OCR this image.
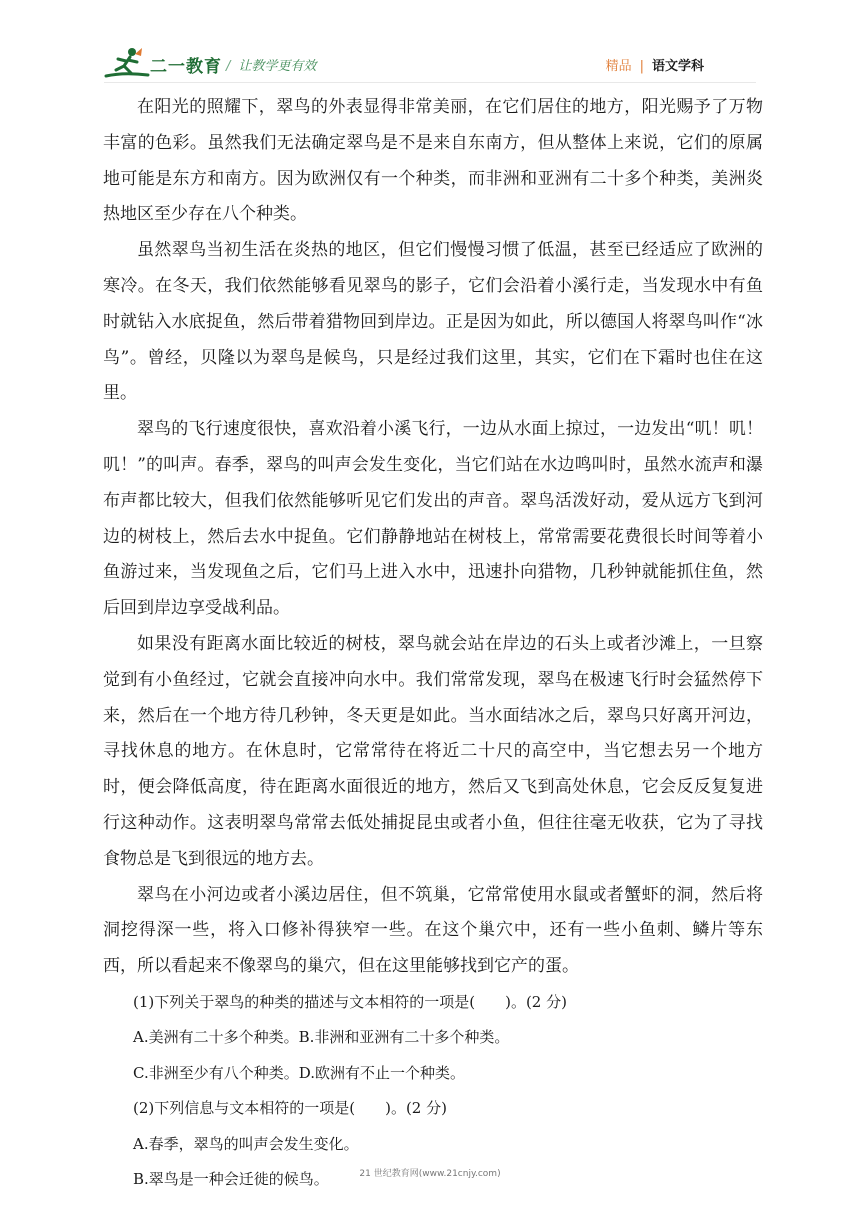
二一教育 / 让教学更有效	精品 | 语文学科

在阳光的照耀下，翠鸟的外表显得非常美丽，在它们居住的地方，阳光赐予了万物丰富的色彩。虽然我们无法确定翠鸟是不是来自东南方，但从整体上来说，它们的原属地可能是东方和南方。因为欧洲仅有一个种类，而非洲和亚洲有二十多个种类，美洲炎热地区至少存在八个种类。

虽然翠鸟当初生活在炎热的地区，但它们慢慢习惯了低温，甚至已经适应了欧洲的寒冷。在冬天，我们依然能够看见翠鸟的影子，它们会沿着小溪行走，当发现水中有鱼时就钻入水底捉鱼，然后带着猎物回到岸边。正是因为如此，所以德国人将翠鸟叫作“冰鸟”。曾经，贝隆以为翠鸟是候鸟，只是经过我们这里，其实，它们在下霜时也住在这里。

翠鸟的飞行速度很快，喜欢沿着小溪飞行，一边从水面上掠过，一边发出“叽！叽！叽！”的叫声。春季，翠鸟的叫声会发生变化，当它们站在水边鸣叫时，虽然水流声和瀑布声都比较大，但我们依然能够听见它们发出的声音。翠鸟活泼好动，爱从远方飞到河边的树枝上，然后去水中捉鱼。它们静静地站在树枝上，常常需要花费很长时间等着小鱼游过来，当发现鱼之后，它们马上进入水中，迅速扑向猎物，几秒钟就能抓住鱼，然后回到岸边享受战利品。

如果没有距离水面比较近的树枝，翠鸟就会站在岸边的石头上或者沙滩上，一旦察觉到有小鱼经过，它就会直接冲向水中。我们常常发现，翠鸟在极速飞行时会猛然停下来，然后在一个地方待几秒钟，冬天更是如此。当水面结冰之后，翠鸟只好离开河边，寻找休息的地方。在休息时，它常常待在将近二十尺的高空中，当它想去另一个地方时，便会降低高度，待在距离水面很近的地方，然后又飞到高处休息，它会反反复复进行这种动作。这表明翠鸟常常去低处捕捉昆虫或者小鱼，但往往毫无收获，它为了寻找食物总是飞到很远的地方去。

翠鸟在小河边或者小溪边居住，但不筑巢，它常常使用水鼠或者蟹虾的洞，然后将洞挖得深一些，将入口修补得狭窄一些。在这个巢穴中，还有一些小鱼刺、鳞片等东西，所以看起来不像翠鸟的巢穴，但在这里能够找到它产的蛋。

(1)下列关于翠鸟的种类的描述与文本相符的一项是(　　)。(2 分)

A.美洲有二十多个种类。B.非洲和亚洲有二十多个种类。

C.非洲至少有八个种类。D.欧洲有不止一个种类。

(2)下列信息与文本相符的一项是(　　)。(2 分)

A.春季，翠鸟的叫声会发生变化。

B.翠鸟是一种会迁徙的候鸟。	21 世纪教育网(www.21cnjy.com)
